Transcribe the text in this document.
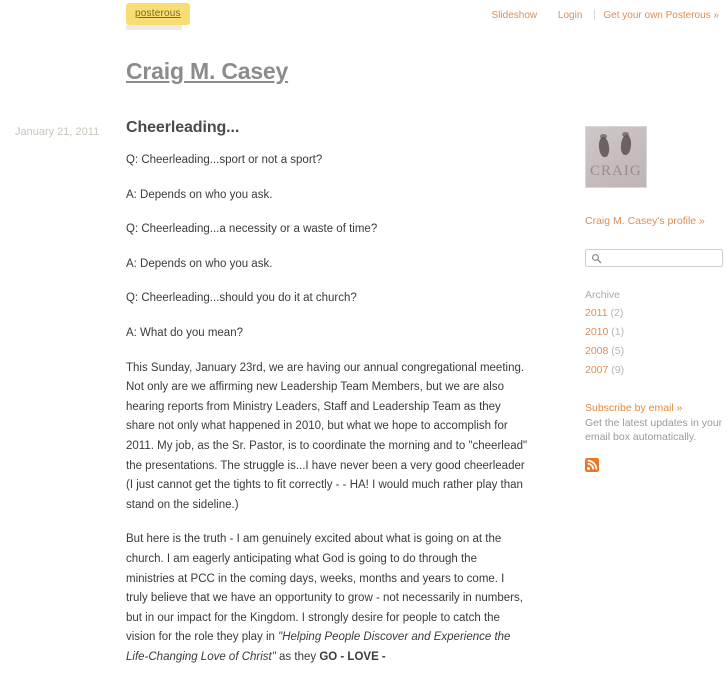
posterous	Slideshow Login Get your own Posterous »
Craig M. Casey
January 21, 2011	Cheerleading...

Q: Cheerleading...sport or not a sport?

A: Depends on who you ask.

Q: Cheerleading...a necessity or a waste of time?

A: Depends on who you ask.

Q: Cheerleading...should you do it at church?

A: What do you mean?

This Sunday, January 23rd, we are having our annual congregational meeting. Not only are we affirming new Leadership Team Members, but we are also hearing reports from Ministry Leaders, Staff and Leadership Team as they share not only what happened in 2010, but what we hope to accomplish for 2011. My job, as the Sr. Pastor, is to coordinate the morning and to "cheerlead" the presentations. The struggle is...I have never been a very good cheerleader (I just cannot get the tights to fit correctly - - HA! I would much rather play than stand on the sideline.)

But here is the truth - I am genuinely excited about what is going on at the church. I am eagerly anticipating what God is going to do through the ministries at PCC in the coming days, weeks, months and years to come. I truly believe that we have an opportunity to grow - not necessarily in numbers, but in our impact for the Kingdom. I strongly desire for people to catch the vision for the role they play in "Helping People Discover and Experience the Life-Changing Love of Christ" as they GO - LOVE -

CRAIG
Craig M. Casey's profile »
Archive
2011 (2)
2010 (1)
2008 (5)
2007 (9)
Subscribe by email »
Get the latest updates in your email box automatically.
